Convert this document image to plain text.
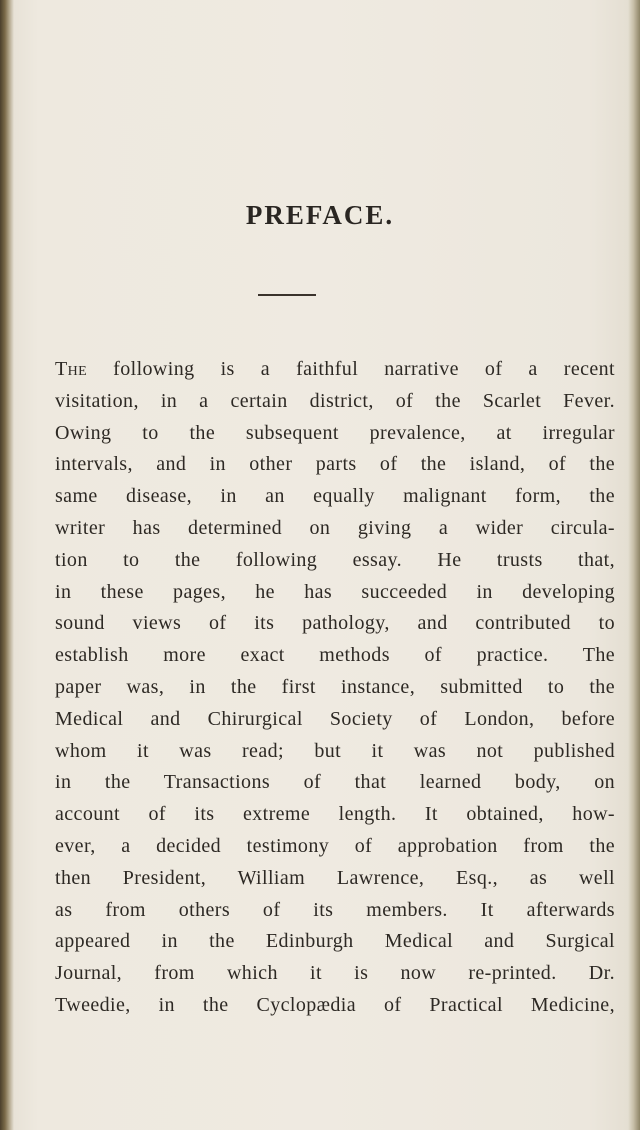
PREFACE.
The following is a faithful narrative of a recent
visitation, in a certain district, of the Scarlet Fever.
Owing to the subsequent prevalence, at irregular
intervals, and in other parts of the island, of the
same disease, in an equally malignant form, the
writer has determined on giving a wider circula-
tion to the following essay. He trusts that,
in these pages, he has succeeded in developing
sound views of its pathology, and contributed to
establish more exact methods of practice. The
paper was, in the first instance, submitted to the
Medical and Chirurgical Society of London, before
whom it was read; but it was not published
in the Transactions of that learned body, on
account of its extreme length. It obtained, how-
ever, a decided testimony of approbation from the
then President, William Lawrence, Esq., as well
as from others of its members. It afterwards
appeared in the Edinburgh Medical and Surgical
Journal, from which it is now re-printed. Dr.
Tweedie, in the Cyclopædia of Practical Medicine,
